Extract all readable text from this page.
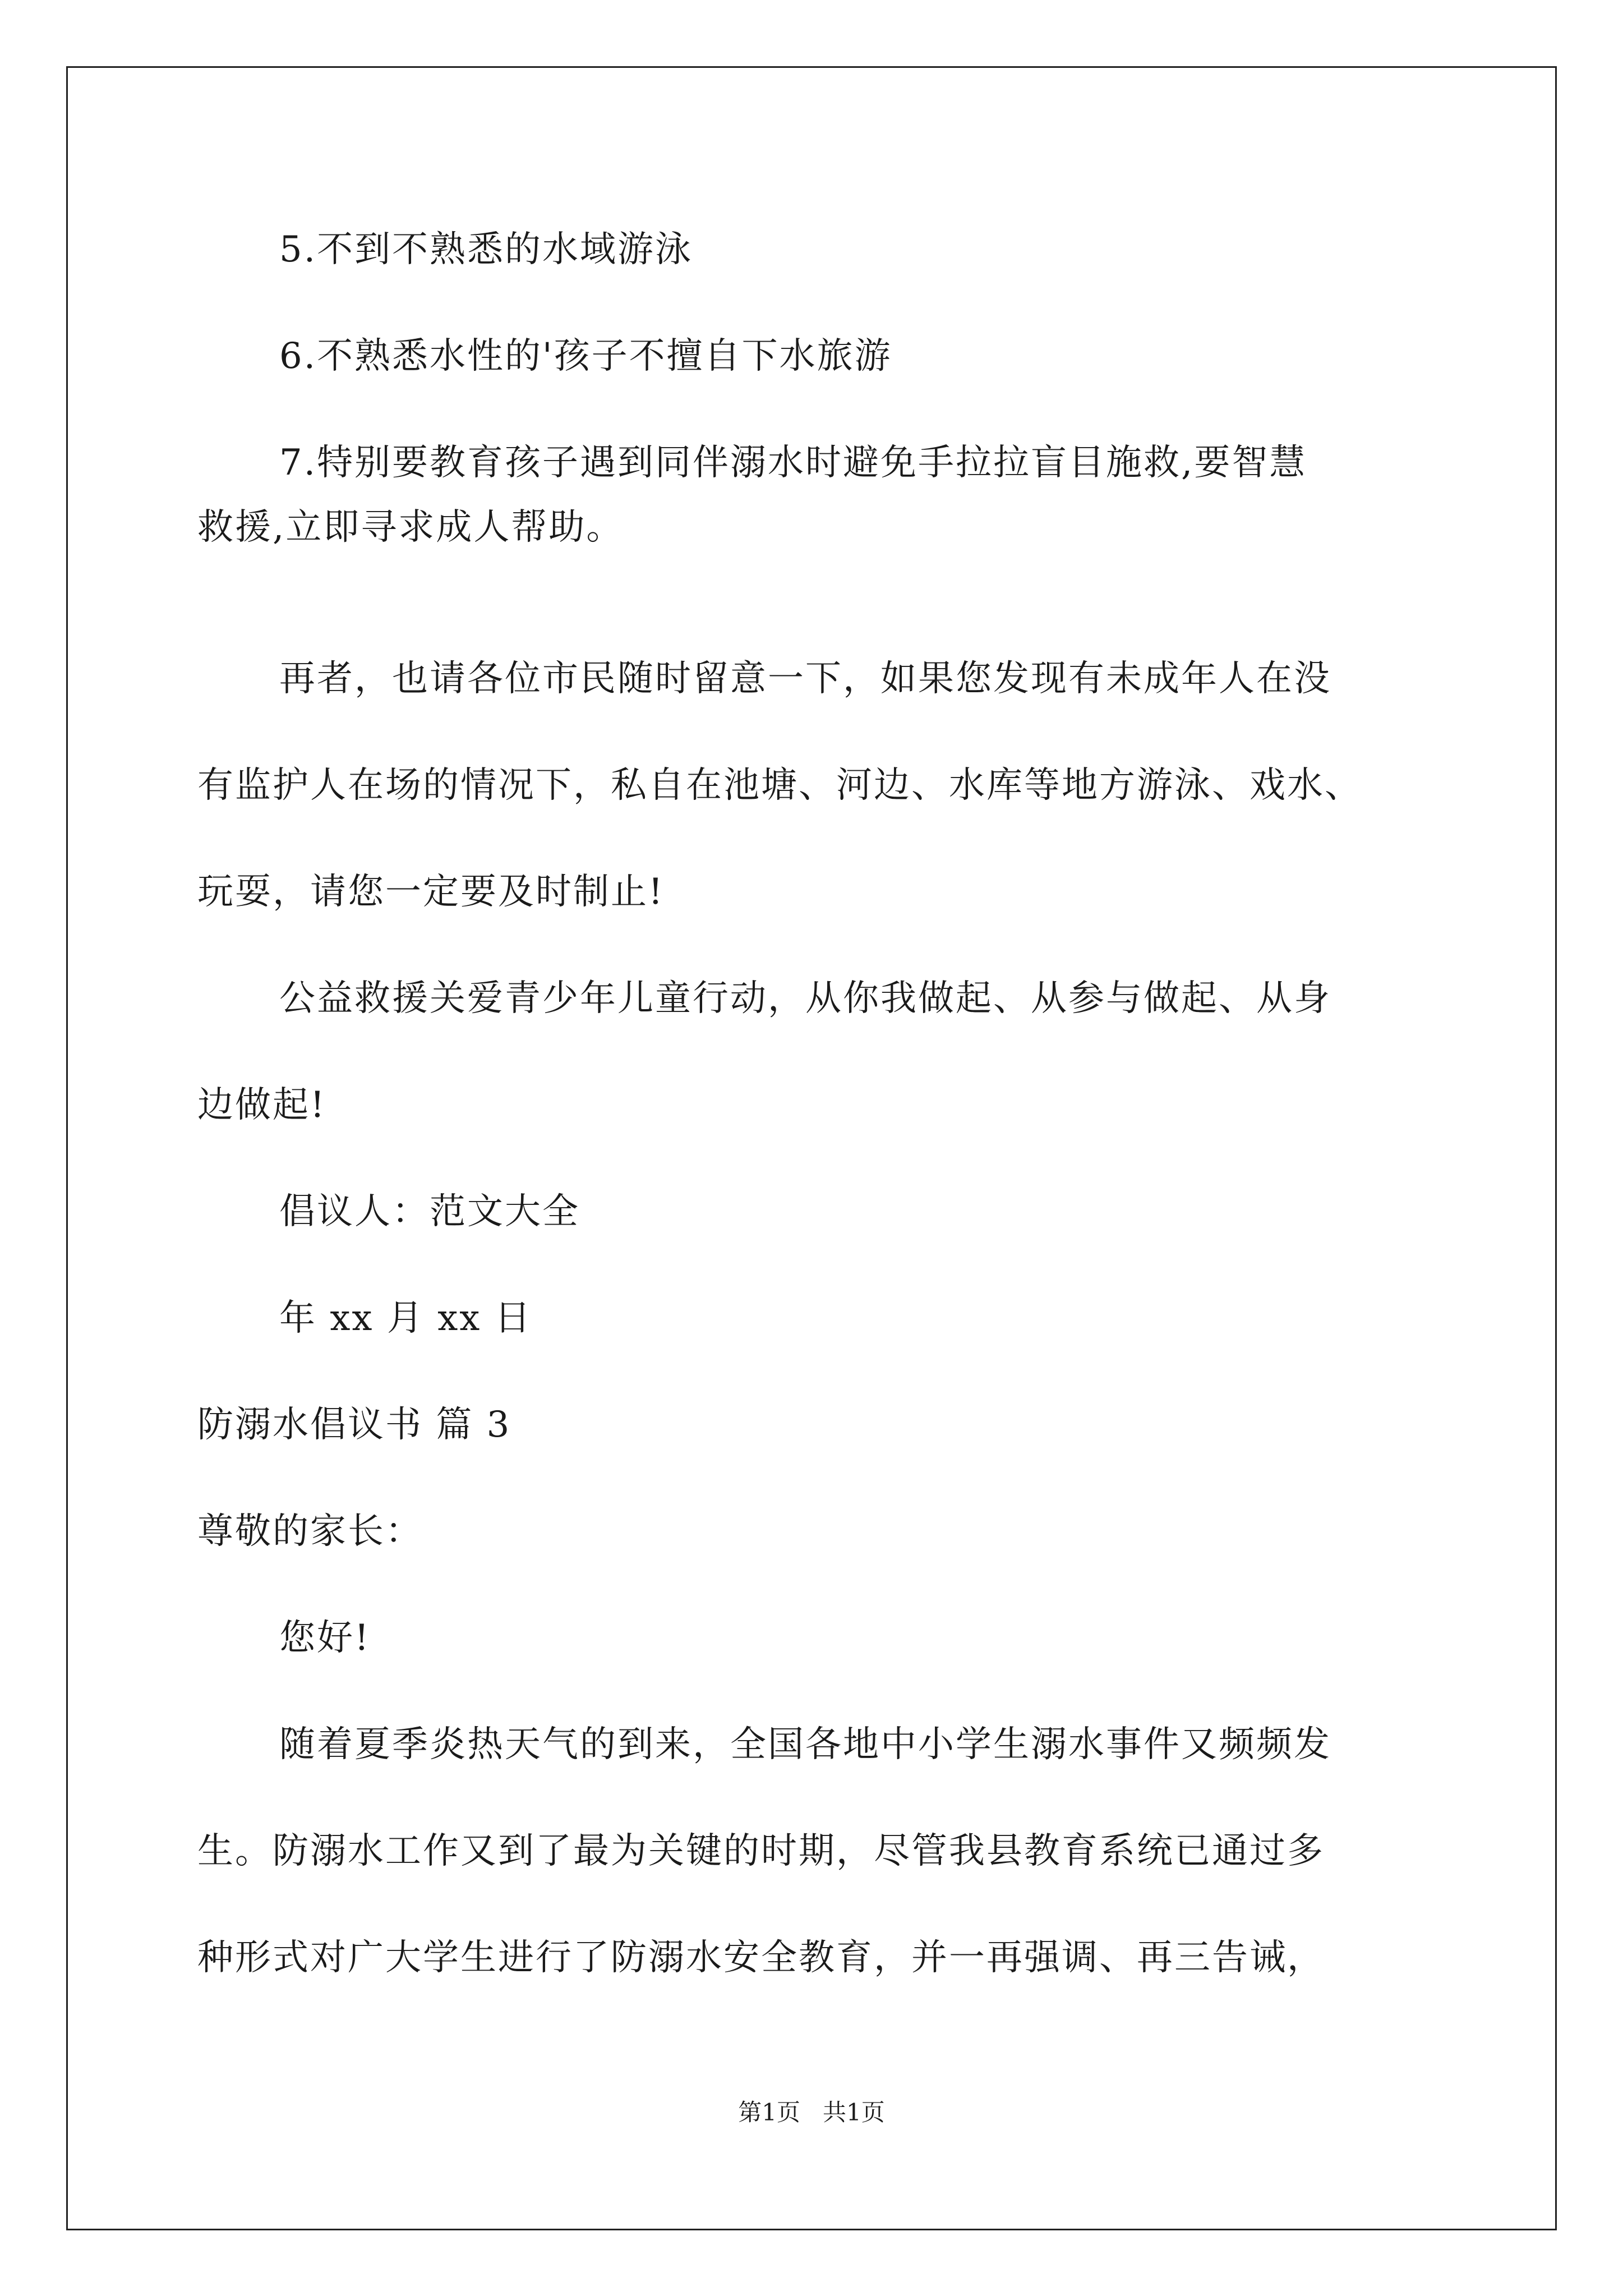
5.不到不熟悉的水域游泳

6.不熟悉水性的'孩子不擅自下水旅游

7.特别要教育孩子遇到同伴溺水时避免手拉拉盲目施救,要智慧

救援,立即寻求成人帮助。

再者，也请各位市民随时留意一下，如果您发现有未成年人在没

有监护人在场的情况下，私自在池塘、河边、水库等地方游泳、戏水、

玩耍，请您一定要及时制止!

公益救援关爱青少年儿童行动，从你我做起、从参与做起、从身

边做起!

倡议人：范文大全

年 xx 月 xx 日

防溺水倡议书 篇 3

尊敬的家长：

您好!

随着夏季炎热天气的到来，全国各地中小学生溺水事件又频频发

生。防溺水工作又到了最为关键的时期，尽管我县教育系统已通过多

种形式对广大学生进行了防溺水安全教育，并一再强调、再三告诫，

第1页   共1页
